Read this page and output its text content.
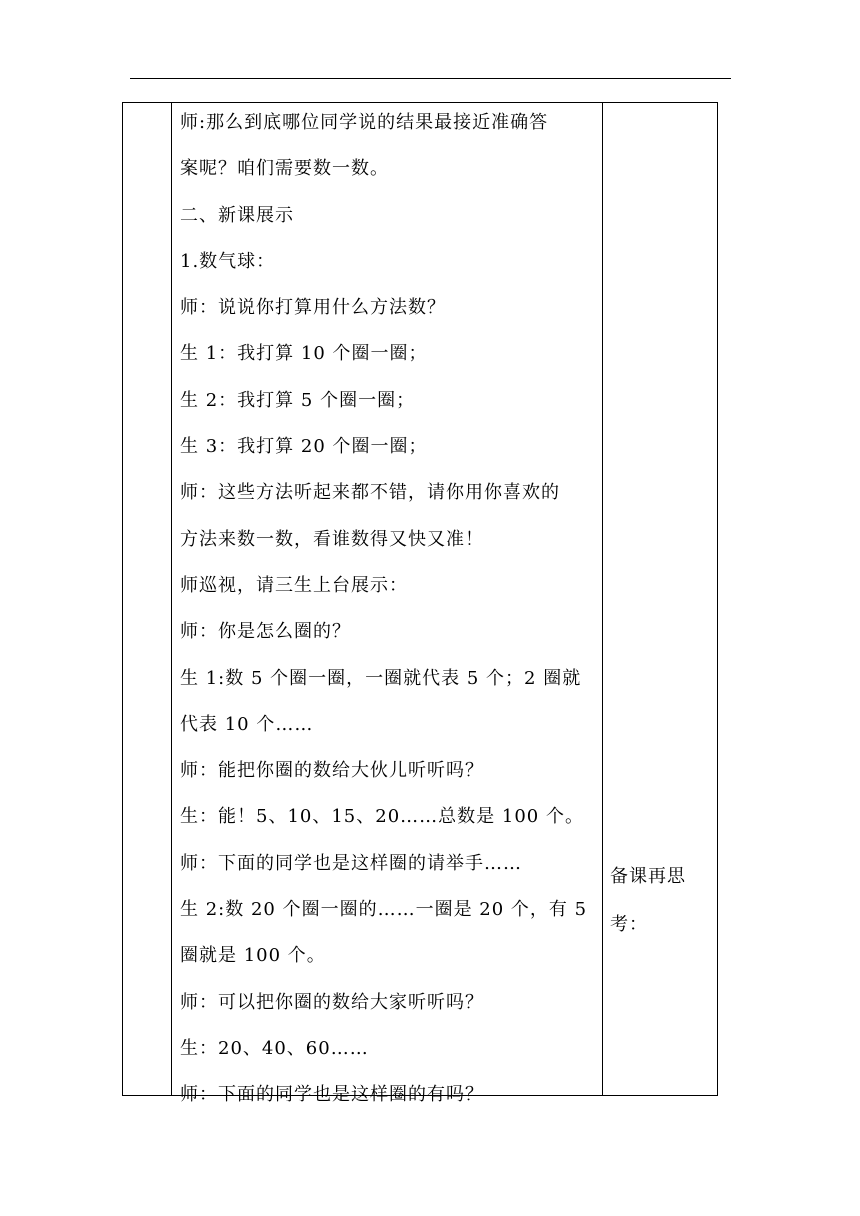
师:那么到底哪位同学说的结果最接近准确答
案呢？咱们需要数一数。
二、新课展示
1.数气球：
师：说说你打算用什么方法数？
生 1：我打算 10 个圈一圈；
生 2：我打算 5 个圈一圈；
生 3：我打算 20 个圈一圈；
师：这些方法听起来都不错，请你用你喜欢的
方法来数一数，看谁数得又快又准！
师巡视，请三生上台展示：
师：你是怎么圈的？
生 1:数 5 个圈一圈，一圈就代表 5 个；2 圈就
代表 10 个……
师：能把你圈的数给大伙儿听听吗？
生：能！5、10、15、20……总数是 100 个。
师：下面的同学也是这样圈的请举手……
生 2:数 20 个圈一圈的……一圈是 20 个，有 5
圈就是 100 个。
师：可以把你圈的数给大家听听吗？
生：20、40、60……
师：下面的同学也是这样圈的有吗？
备课再思
考：
